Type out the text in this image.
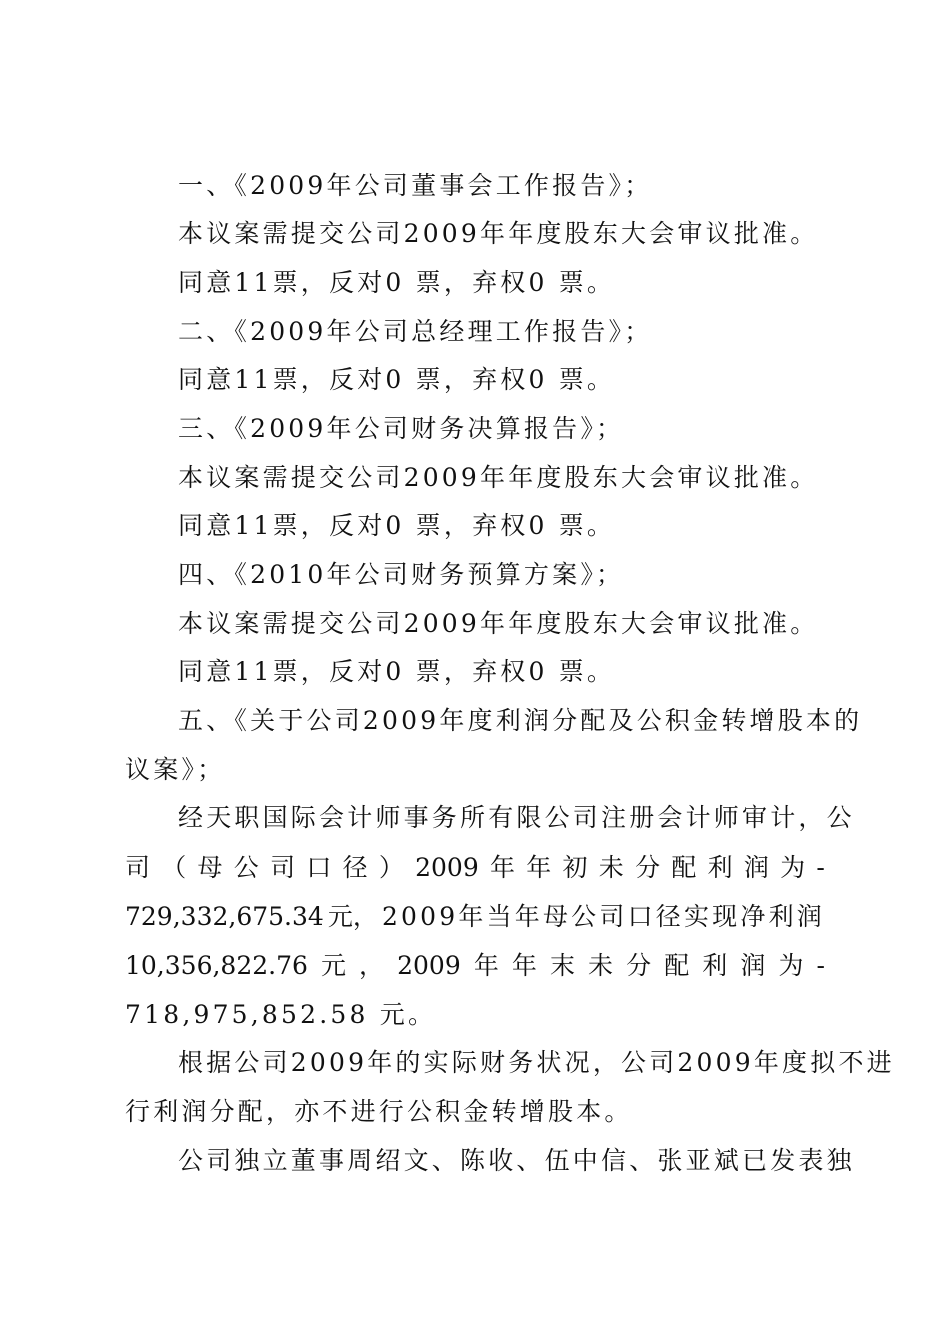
一、《2009年公司董事会工作报告》；
本议案需提交公司2009年年度股东大会审议批准。
同意11票，反对0 票，弃权0 票。
二、《2009年公司总经理工作报告》；
同意11票，反对0 票，弃权0 票。
三、《2009年公司财务决算报告》；
本议案需提交公司2009年年度股东大会审议批准。
同意11票，反对0 票，弃权0 票。
四、《2010年公司财务预算方案》；
本议案需提交公司2009年年度股东大会审议批准。
同意11票，反对0 票，弃权0 票。
五、《关于公司2009年度利润分配及公积金转增股本的
议案》；
经天职国际会计师事务所有限公司注册会计师审计，公
司 （ 母 公 司 口 径 ） 2009 年 年 初 未 分 配 利 润 为 -
729,332,675.34 元， 2009年当年母公司口径实现净利润
10,356,822.76 元 ， 2009 年 年 末 未 分 配 利 润 为 -
718,975,852.58 元。
根据公司2009年的实际财务状况，公司2009年度拟不进
行利润分配，亦不进行公积金转增股本。
公司独立董事周绍文、陈收、伍中信、张亚斌已发表独
